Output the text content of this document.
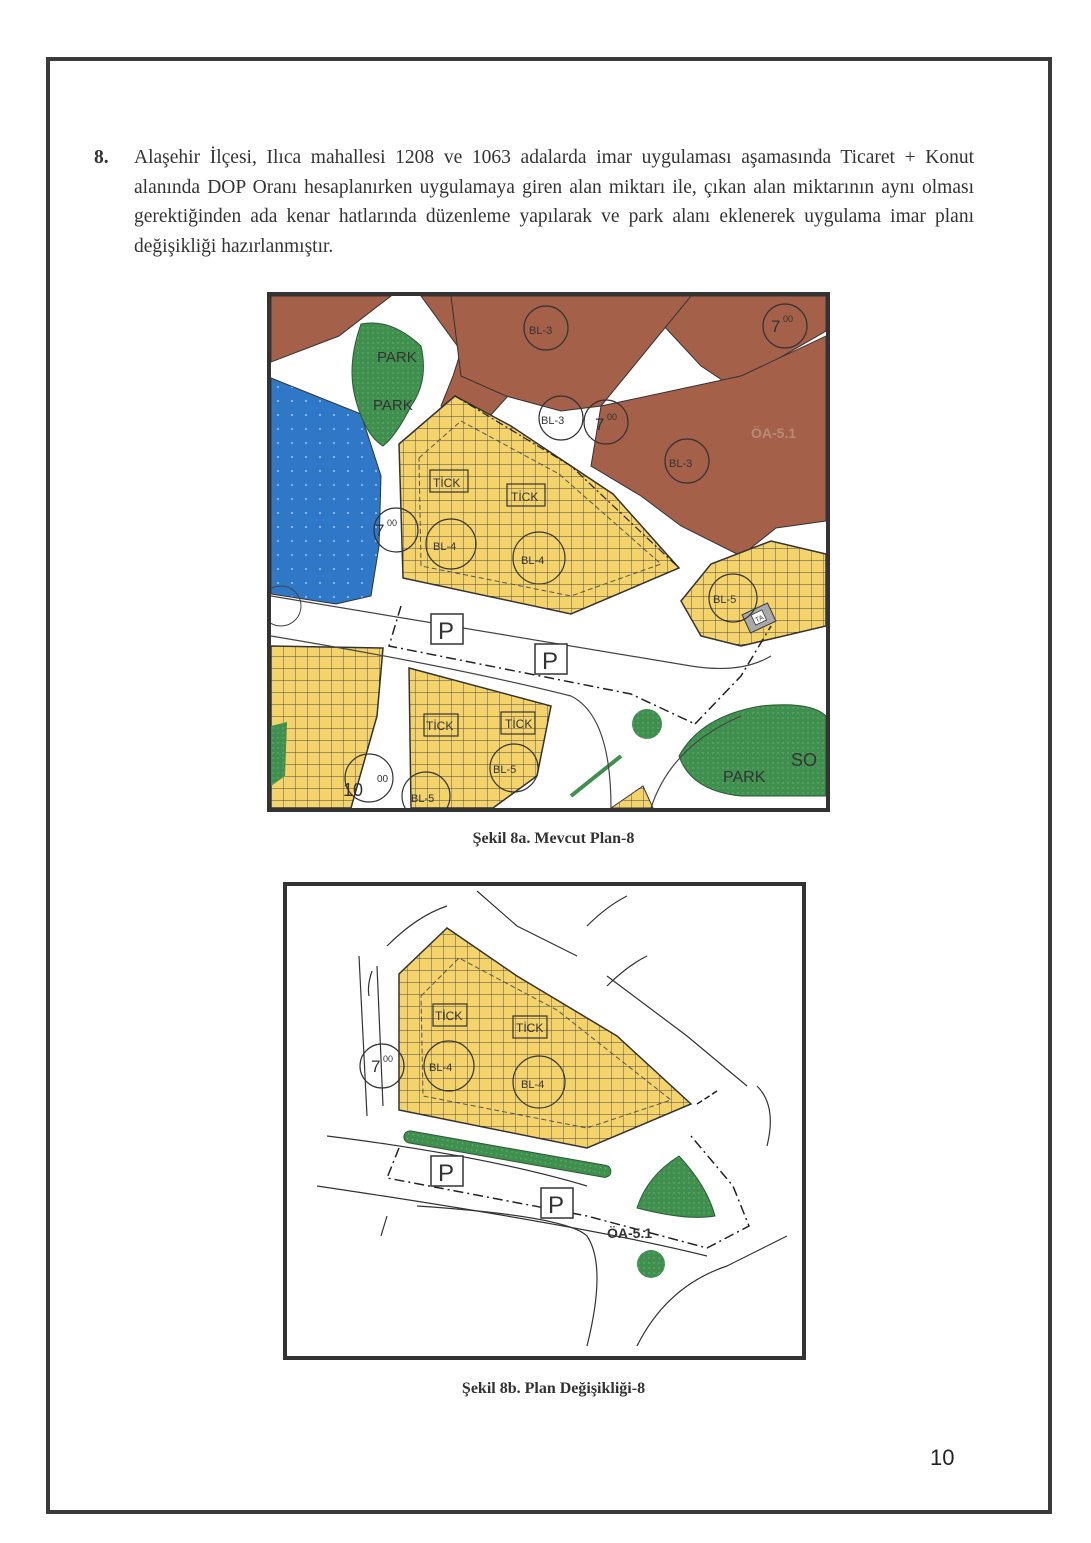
8. Alaşehir İlçesi, Ilıca mahallesi 1208 ve 1063 adalarda imar uygulaması aşamasında Ticaret + Konut alanında DOP Oranı hesaplanırken uygulamaya giren alan miktarı ile, çıkan alan miktarının aynı olması gerektiğinden ada kenar hatlarında düzenleme yapılarak ve park alanı eklenerek uygulama imar planı değişikliği hazırlanmıştır.
TA
PARK
PARK
PARK
BL-3
BL-3
BL-3
BL-4
BL-4
BL-5
BL-5
BL-5
TİCK
TİCK
TİCK	TİCK
7 00
7 00
7 00
10
00
P
P
ÖA-5.1
SO
Şekil 8a. Mevcut Plan-8
TİCK
TİCK
BL-4
BL-4
7 00
P
P
ÖA-5.1
Şekil 8b. Plan Değişikliği-8
10
